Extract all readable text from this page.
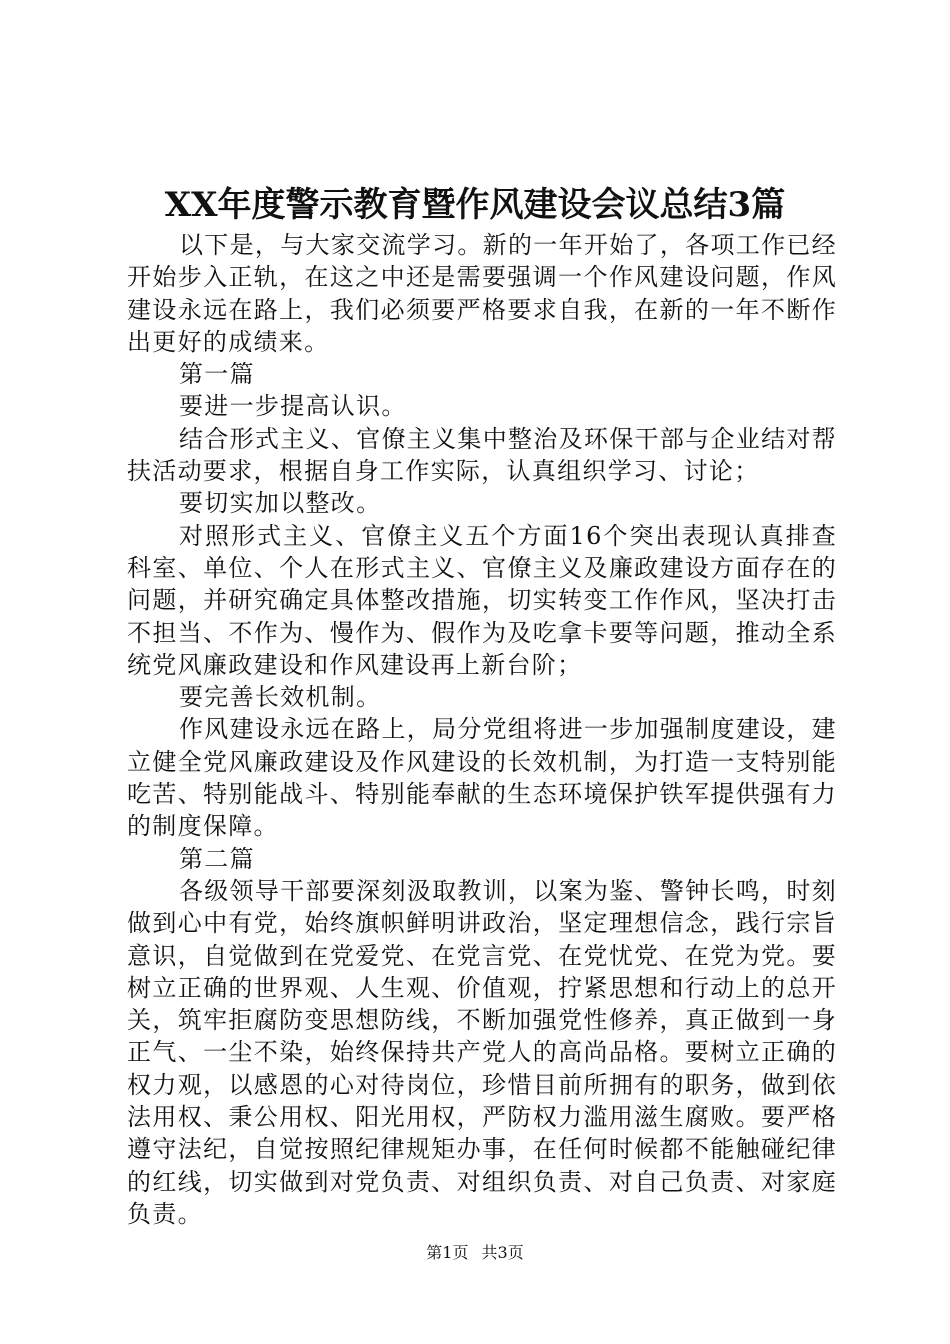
XX年度警示教育暨作风建设会议总结3篇

以下是，与大家交流学习。新的一年开始了，各项工作已经开始步入正轨，在这之中还是需要强调一个作风建设问题，作风建设永远在路上，我们必须要严格要求自我，在新的一年不断作出更好的成绩来。

第一篇

要进一步提高认识。

结合形式主义、官僚主义集中整治及环保干部与企业结对帮扶活动要求，根据自身工作实际，认真组织学习、讨论；

要切实加以整改。

对照形式主义、官僚主义五个方面16个突出表现认真排查科室、单位、个人在形式主义、官僚主义及廉政建设方面存在的问题，并研究确定具体整改措施，切实转变工作作风，坚决打击不担当、不作为、慢作为、假作为及吃拿卡要等问题，推动全系统党风廉政建设和作风建设再上新台阶；

要完善长效机制。

作风建设永远在路上，局分党组将进一步加强制度建设，建立健全党风廉政建设及作风建设的长效机制，为打造一支特别能吃苦、特别能战斗、特别能奉献的生态环境保护铁军提供强有力的制度保障。

第二篇

各级领导干部要深刻汲取教训，以案为鉴、警钟长鸣，时刻做到心中有党，始终旗帜鲜明讲政治，坚定理想信念，践行宗旨意识，自觉做到在党爱党、在党言党、在党忧党、在党为党。要树立正确的世界观、人生观、价值观，拧紧思想和行动上的总开关，筑牢拒腐防变思想防线，不断加强党性修养，真正做到一身正气、一尘不染，始终保持共产党人的高尚品格。要树立正确的权力观，以感恩的心对待岗位，珍惜目前所拥有的职务，做到依法用权、秉公用权、阳光用权，严防权力滥用滋生腐败。要严格遵守法纪，自觉按照纪律规矩办事，在任何时候都不能触碰纪律的红线，切实做到对党负责、对组织负责、对自己负责、对家庭负责。

第1页 共3页
